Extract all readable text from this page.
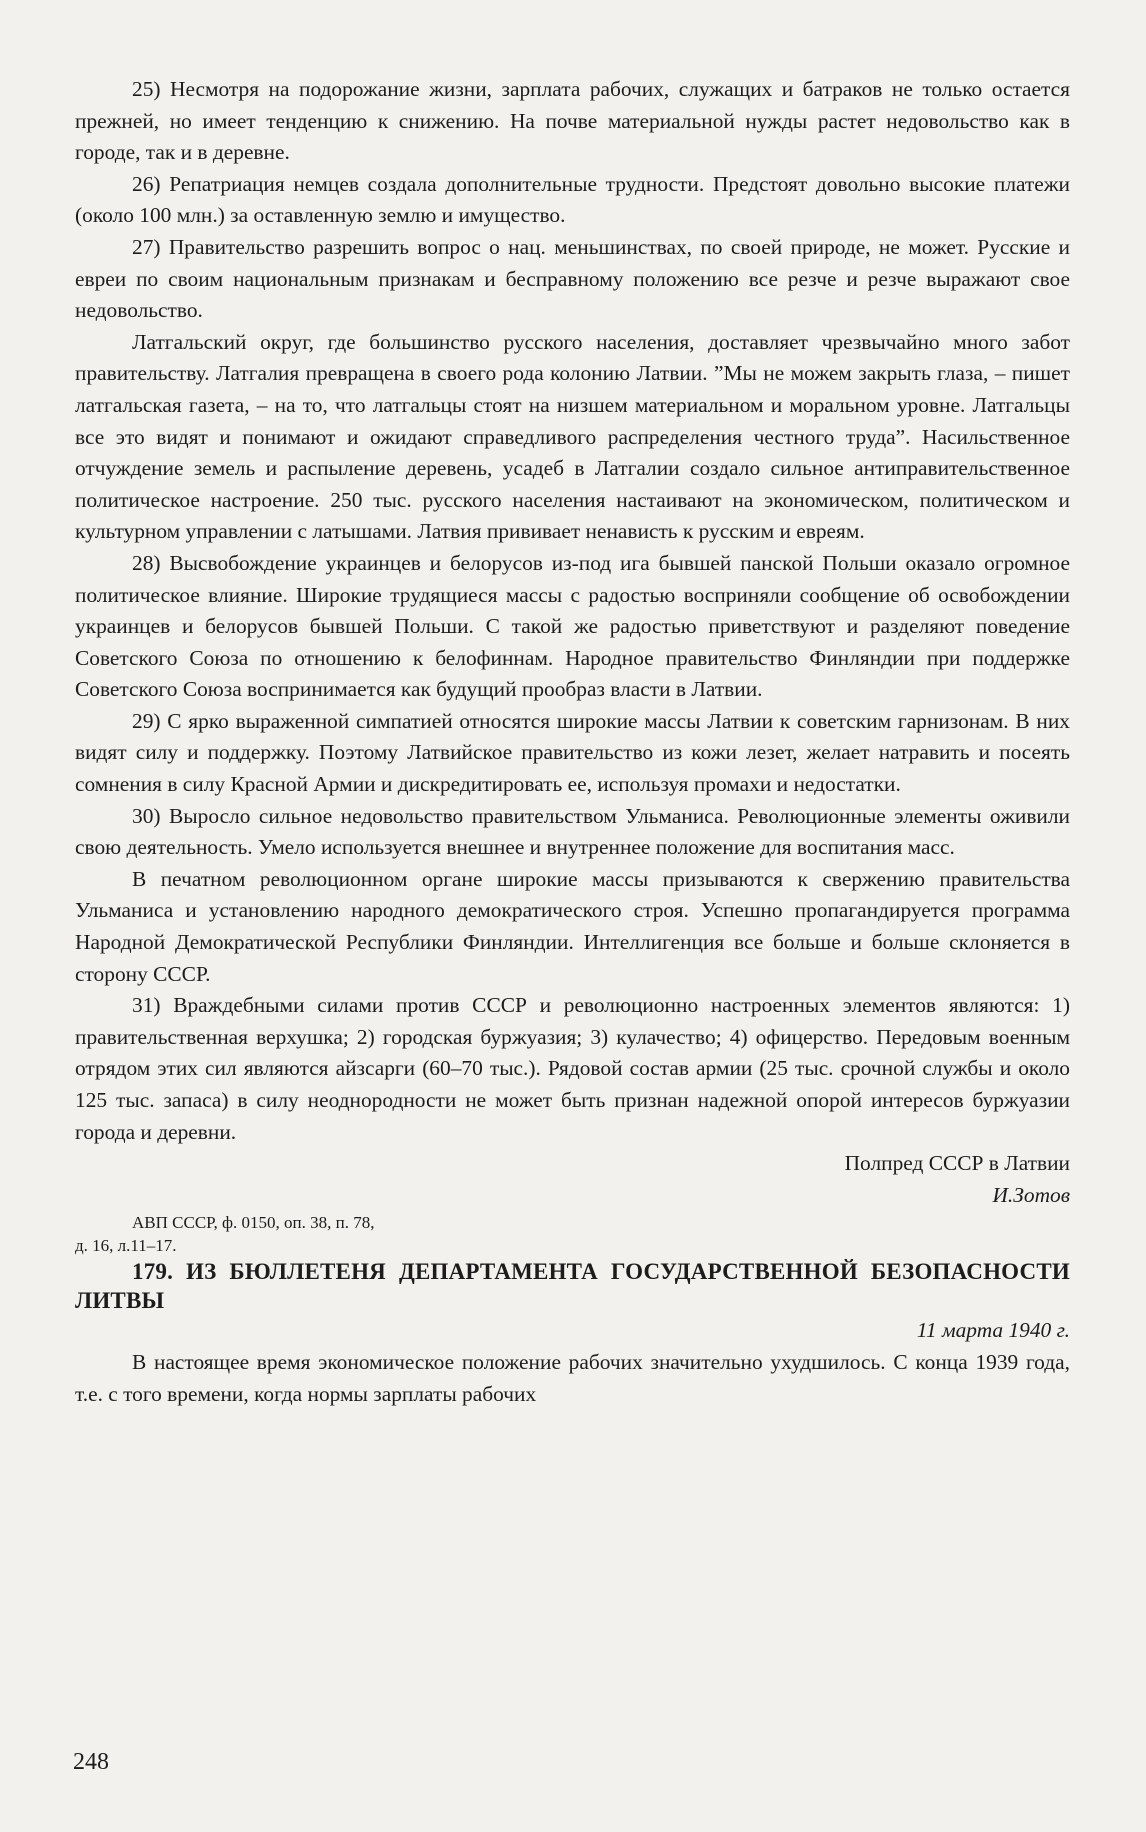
25) Несмотря на подорожание жизни, зарплата рабочих, служащих и батраков не только остается прежней, но имеет тенденцию к снижению. На почве материальной нужды растет недовольство как в городе, так и в деревне.

26) Репатриация немцев создала дополнительные трудности. Предстоят довольно высокие платежи (около 100 млн.) за оставленную землю и имущество.

27) Правительство разрешить вопрос о нац. меньшинствах, по своей природе, не может. Русские и евреи по своим национальным признакам и бесправному положению все резче и резче выражают свое недовольство.

Латгальский округ, где большинство русского населения, доставляет чрезвычайно много забот правительству. Латгалия превращена в своего рода колонию Латвии. ”Мы не можем закрыть глаза, – пишет латгальская газета, – на то, что латгальцы стоят на низшем материальном и моральном уровне. Латгальцы все это видят и понимают и ожидают справедливого распределения честного труда”. Насильственное отчуждение земель и распыление деревень, усадеб в Латгалии создало сильное антиправительственное политическое настроение. 250 тыс. русского населения настаивают на экономическом, политическом и культурном управлении с латышами. Латвия прививает ненависть к русским и евреям.

28) Высвобождение украинцев и белорусов из-под ига бывшей панской Польши оказало огромное политическое влияние. Широкие трудящиеся массы с радостью восприняли сообщение об освобождении украинцев и белорусов бывшей Польши. С такой же радостью приветствуют и разделяют поведение Советского Союза по отношению к белофиннам. Народное правительство Финляндии при поддержке Советского Союза воспринимается как будущий прообраз власти в Латвии.

29) С ярко выраженной симпатией относятся широкие массы Латвии к советским гарнизонам. В них видят силу и поддержку. Поэтому Латвийское правительство из кожи лезет, желает натравить и посеять сомнения в силу Красной Армии и дискредитировать ее, используя промахи и недостатки.

30) Выросло сильное недовольство правительством Ульманиса. Революционные элементы оживили свою деятельность. Умело используется внешнее и внутреннее положение для воспитания масс.

В печатном революционном органе широкие массы призываются к свержению правительства Ульманиса и установлению народного демократического строя. Успешно пропагандируется программа Народной Демократической Республики Финляндии. Интеллигенция все больше и больше склоняется в сторону СССР.

31) Враждебными силами против СССР и революционно настроенных элементов являются: 1) правительственная верхушка; 2) городская буржуазия; 3) кулачество; 4) офицерство. Передовым военным отрядом этих сил являются айзсарги (60–70 тыс.). Рядовой состав армии (25 тыс. срочной службы и около 125 тыс. запаса) в силу неоднородности не может быть признан надежной опорой интересов буржуазии города и деревни.

Полпред СССР в Латвии
И.Зотов

АВП СССР, ф. 0150, оп. 38, п. 78,
д. 16, л.11–17.

179. ИЗ БЮЛЛЕТЕНЯ ДЕПАРТАМЕНТА ГОСУДАРСТВЕННОЙ БЕЗОПАСНОСТИ ЛИТВЫ

11 марта 1940 г.

В настоящее время экономическое положение рабочих значительно ухудшилось. С конца 1939 года, т.е. с того времени, когда нормы зарплаты рабочих

248
